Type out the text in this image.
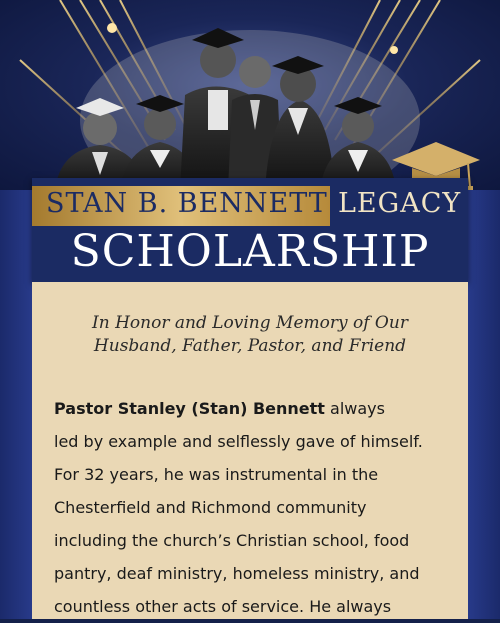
STAN B. BENNETT LEGACY
SCHOLARSHIP
In Honor and Loving Memory of Our
Husband, Father, Pastor, and Friend
Pastor Stanley (Stan) Bennett always
led by example and selflessly gave of himself.
For 32 years, he was instrumental in the
Chesterfield and Richmond community
including the church’s Christian school, food
pantry, deaf ministry, homeless ministry, and
countless other acts of service. He always
